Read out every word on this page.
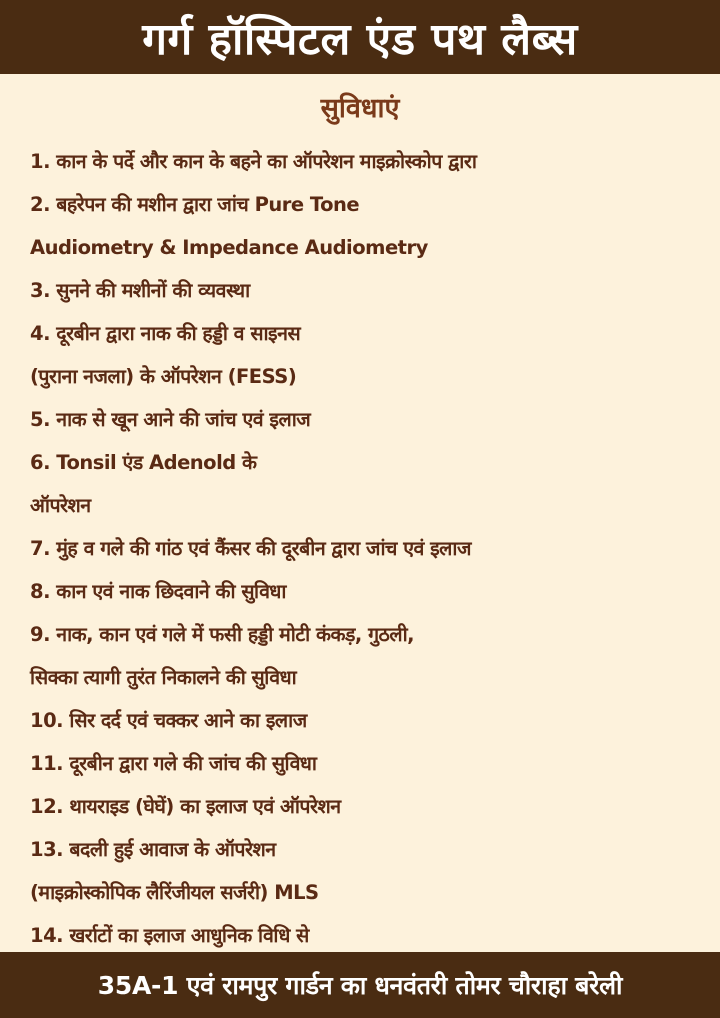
गर्ग हॉस्पिटल एंड पथ लैब्स
सुविधाएं
1. कान के पर्दे और कान के बहने का ऑपरेशन माइक्रोस्कोप द्वारा
2. बहरेपन की मशीन द्वारा जांच Pure Tone
Audiometry & Impedance Audiometry
3. सुनने की मशीनों की व्यवस्था
4. दूरबीन द्वारा नाक की हड्डी व साइनस
(पुराना नजला) के ऑपरेशन (FESS)
5. नाक से खून आने की जांच एवं इलाज
6. Tonsil एंड Adenold के
ऑपरेशन
7. मुंह व गले की गांठ एवं कैंसर की दूरबीन द्वारा जांच एवं इलाज
8. कान एवं नाक छिदवाने की सुविधा
9. नाक, कान एवं गले में फसी हड्डी मोटी कंकड़, गुठली,
सिक्का त्यागी तुरंत निकालने की सुविधा
10. सिर दर्द एवं चक्कर आने का इलाज
11. दूरबीन द्वारा गले की जांच की सुविधा
12. थायराइड (घेघें) का इलाज एवं ऑपरेशन
13. बदली हुई आवाज के ऑपरेशन
(माइक्रोस्कोपिक लैरिंजीयल सर्जरी) MLS
14. खर्राटों का इलाज आधुनिक विधि से
35A-1 एवं रामपुर गार्डन का धनवंतरी तोमर चौराहा बरेली
